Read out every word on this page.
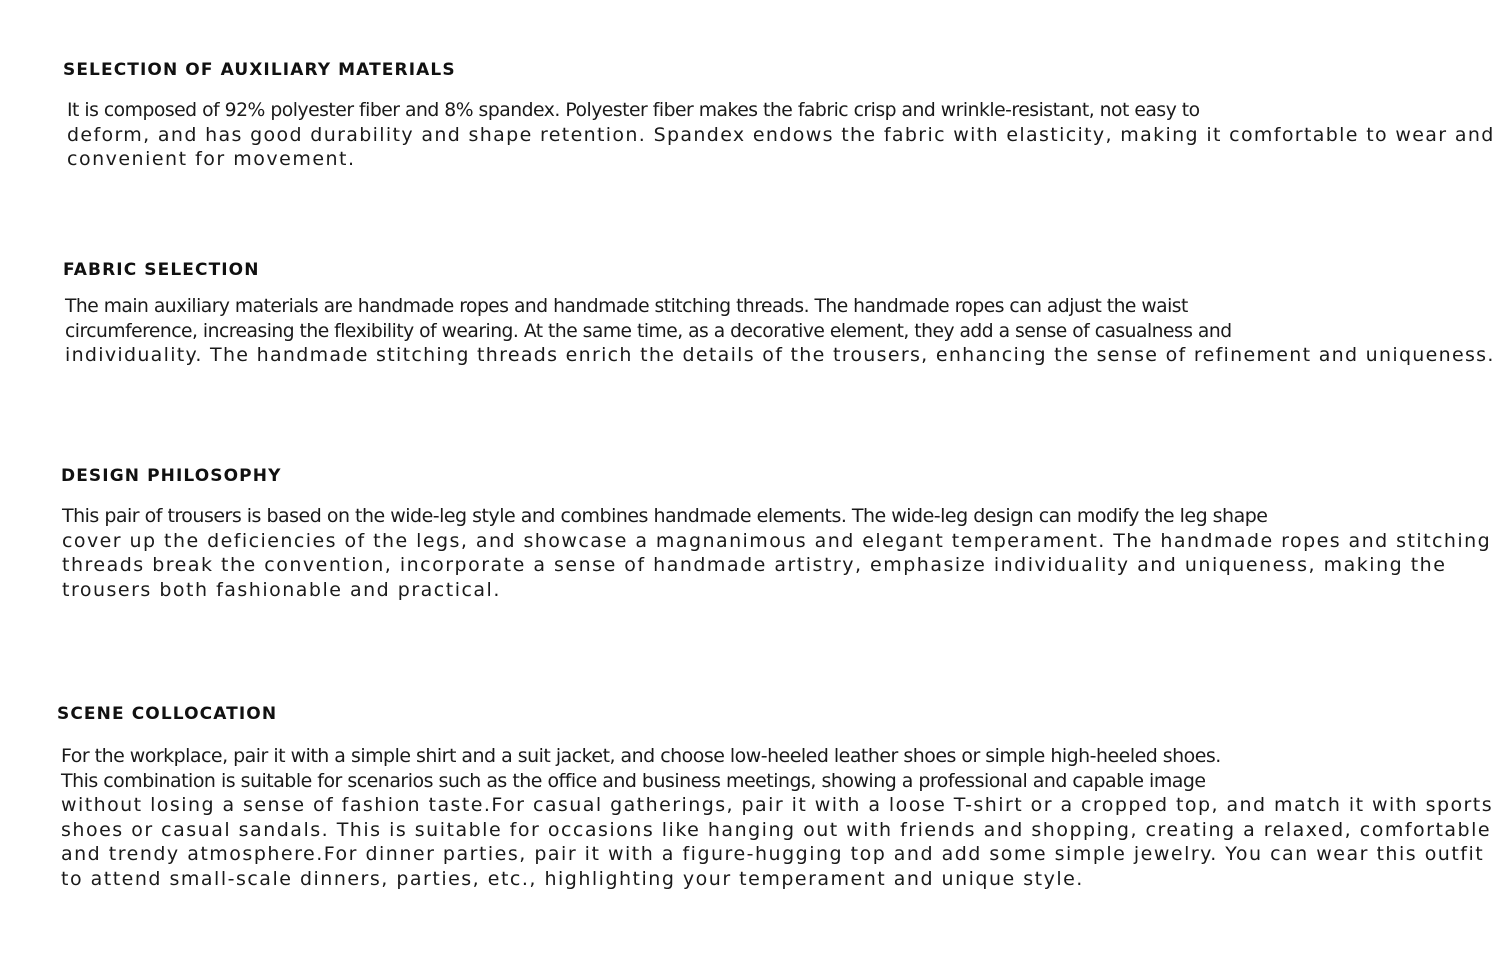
SELECTION OF AUXILIARY MATERIALS

It is composed of 92% polyester fiber and 8% spandex. Polyester fiber makes the fabric crisp and wrinkle-resistant, not easy to
deform, and has good durability and shape retention. Spandex endows the fabric with elasticity, making it comfortable to wear and
convenient for movement.

FABRIC SELECTION

The main auxiliary materials are handmade ropes and handmade stitching threads. The handmade ropes can adjust the waist
circumference, increasing the flexibility of wearing. At the same time, as a decorative element, they add a sense of casualness and
individuality. The handmade stitching threads enrich the details of the trousers, enhancing the sense of refinement and uniqueness.

DESIGN PHILOSOPHY

This pair of trousers is based on the wide-leg style and combines handmade elements. The wide-leg design can modify the leg shape
cover up the deficiencies of the legs, and showcase a magnanimous and elegant temperament. The handmade ropes and stitching
threads break the convention, incorporate a sense of handmade artistry, emphasize individuality and uniqueness, making the
trousers both fashionable and practical.

SCENE COLLOCATION

For the workplace, pair it with a simple shirt and a suit jacket, and choose low-heeled leather shoes or simple high-heeled shoes.
This combination is suitable for scenarios such as the office and business meetings, showing a professional and capable image
without losing a sense of fashion taste.For casual gatherings, pair it with a loose T-shirt or a cropped top, and match it with sports
shoes or casual sandals. This is suitable for occasions like hanging out with friends and shopping, creating a relaxed, comfortable
and trendy atmosphere.For dinner parties, pair it with a figure-hugging top and add some simple jewelry. You can wear this outfit
to attend small-scale dinners, parties, etc., highlighting your temperament and unique style.
